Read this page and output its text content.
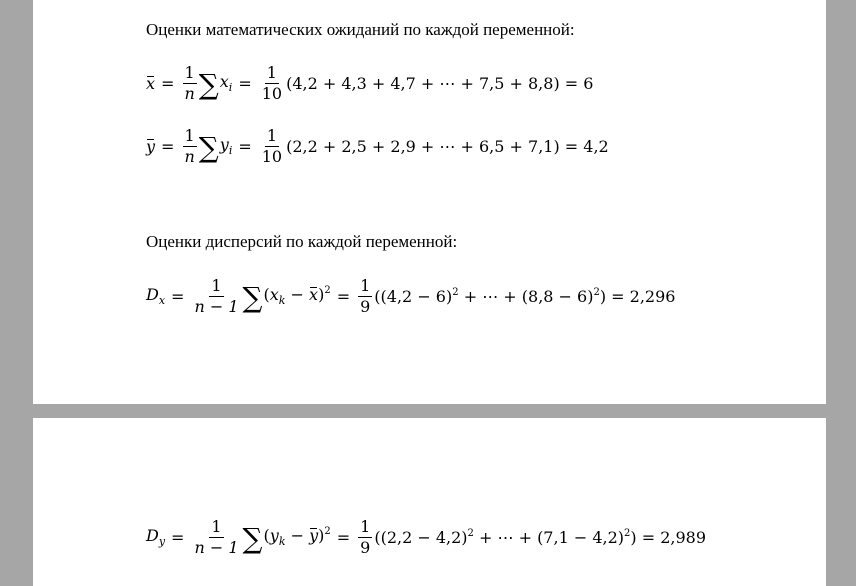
Оценки математических ожиданий по каждой переменной:
$x = \frac{1}{n}$ ∑ $x_i = \frac{1}{10} (4,2 + 4,3 + 4,7$ + ⋯ + 7,5 + 8,8) = 6
$y = \frac{1}{n}$ ∑ $y_i = \frac{1}{10} (2,2 + 2,5 + 2,9$ + ⋯ + 6,5 + 7,1) = 4,2
Оценки дисперсий по каждой переменной:
$D_x = \frac{1}{n - 1}$ ∑ $(x_k - x)^2 = \frac{1}{9} ((4,2 - 6)^2$ + ⋯ + $(8,8 - 6)^2) = 2,296$
$D_y = \frac{1}{n - 1}$ ∑ $(y_k - y)^2 = \frac{1}{9} ((2,2 - 4,2)^2$ + ⋯ + $(7,1 - 4,2)^2) = 2,989$
